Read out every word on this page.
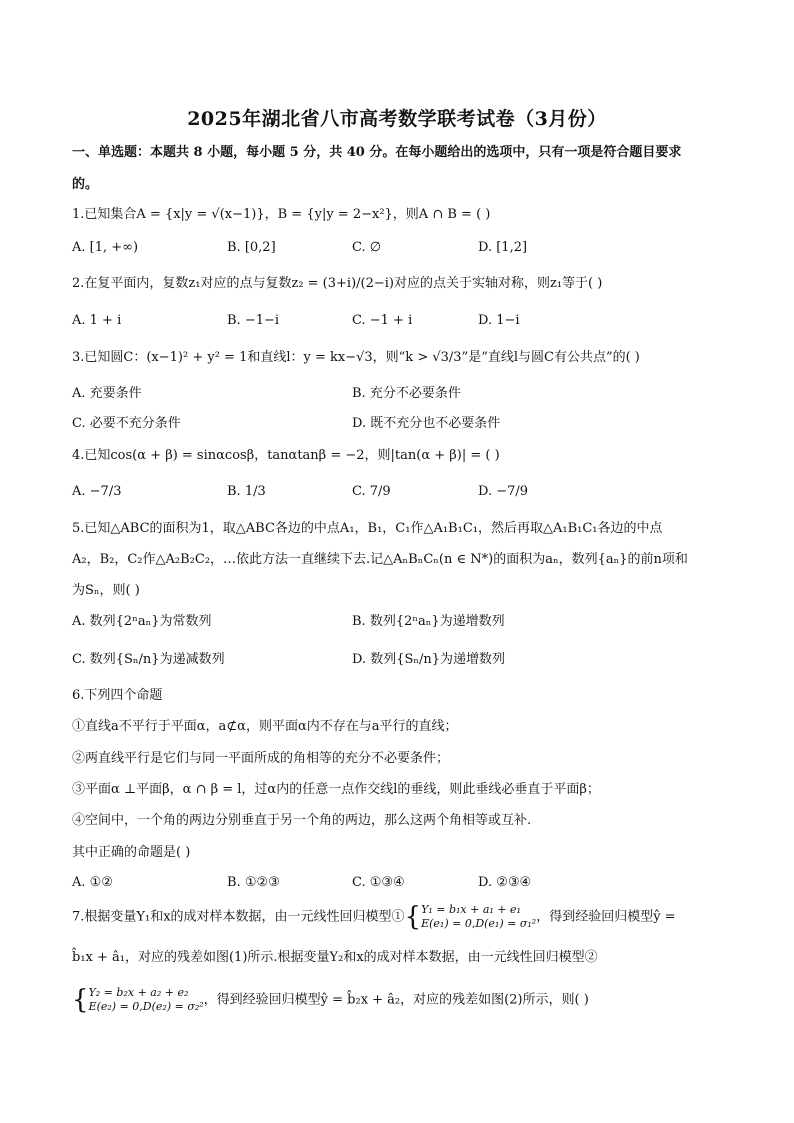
2025年湖北省八市高考数学联考试卷（3月份）
一、单选题：本题共 8 小题，每小题 5 分，共 40 分。在每小题给出的选项中，只有一项是符合题目要求
的。
1.已知集合A = {x|y = √(x−1)}，B = {y|y = 2−x²}，则A ∩ B = ( )
A. [1, +∞)	B. [0,2]	C. ∅	D. [1,2]
2.在复平面内，复数z₁对应的点与复数z₂ = (3+i)/(2−i)对应的点关于实轴对称，则z₁等于( )
A. 1 + i	B. −1−i	C. −1 + i	D. 1−i
3.已知圆C：(x−1)² + y² = 1和直线l：y = kx−√3，则“k > √3/3”是“直线l与圆C有公共点”的( )
A. 充要条件	B. 充分不必要条件
C. 必要不充分条件	D. 既不充分也不必要条件
4.已知cos(α + β) = sinαcosβ，tanαtanβ = −2，则|tan(α + β)| = ( )
A. −7/3	B. 1/3	C. 7/9	D. −7/9
5.已知△ABC的面积为1，取△ABC各边的中点A₁，B₁，C₁作△A₁B₁C₁，然后再取△A₁B₁C₁各边的中点
A₂，B₂，C₂作△A₂B₂C₂，…依此方法一直继续下去.记△AₙBₙCₙ(n ∈ N*)的面积为aₙ，数列{aₙ}的前n项和
为Sₙ，则( )
A. 数列{2ⁿaₙ}为常数列	B. 数列{2ⁿaₙ}为递增数列
C. 数列{Sₙ/n}为递减数列	D. 数列{Sₙ/n}为递增数列
6.下列四个命题
①直线a不平行于平面α，a⊄α，则平面α内不存在与a平行的直线；
②两直线平行是它们与同一平面所成的角相等的充分不必要条件；
③平面α ⊥平面β，α ∩ β = l，过α内的任意一点作交线l的垂线，则此垂线必垂直于平面β；
④空间中，一个角的两边分别垂直于另一个角的两边，那么这两个角相等或互补.
其中正确的命题是( )
A. ①②	B. ①②③	C. ①③④	D. ②③④
7.根据变量Y₁和x的成对样本数据，由一元线性回归模型①{ Y₁ = b₁x + a₁ + e₁
E(e₁) = 0,D(e₁) = σ₁² ，得到经验回归模型ŷ =
b̂₁x + â₁，对应的残差如图(1)所示.根据变量Y₂和x的成对样本数据，由一元线性回归模型②
{ Y₂ = b₂x + a₂ + e₂
E(e₂) = 0,D(e₂) = σ₂² ，得到经验回归模型ŷ = b̂₂x + â₂，对应的残差如图(2)所示，则( )
